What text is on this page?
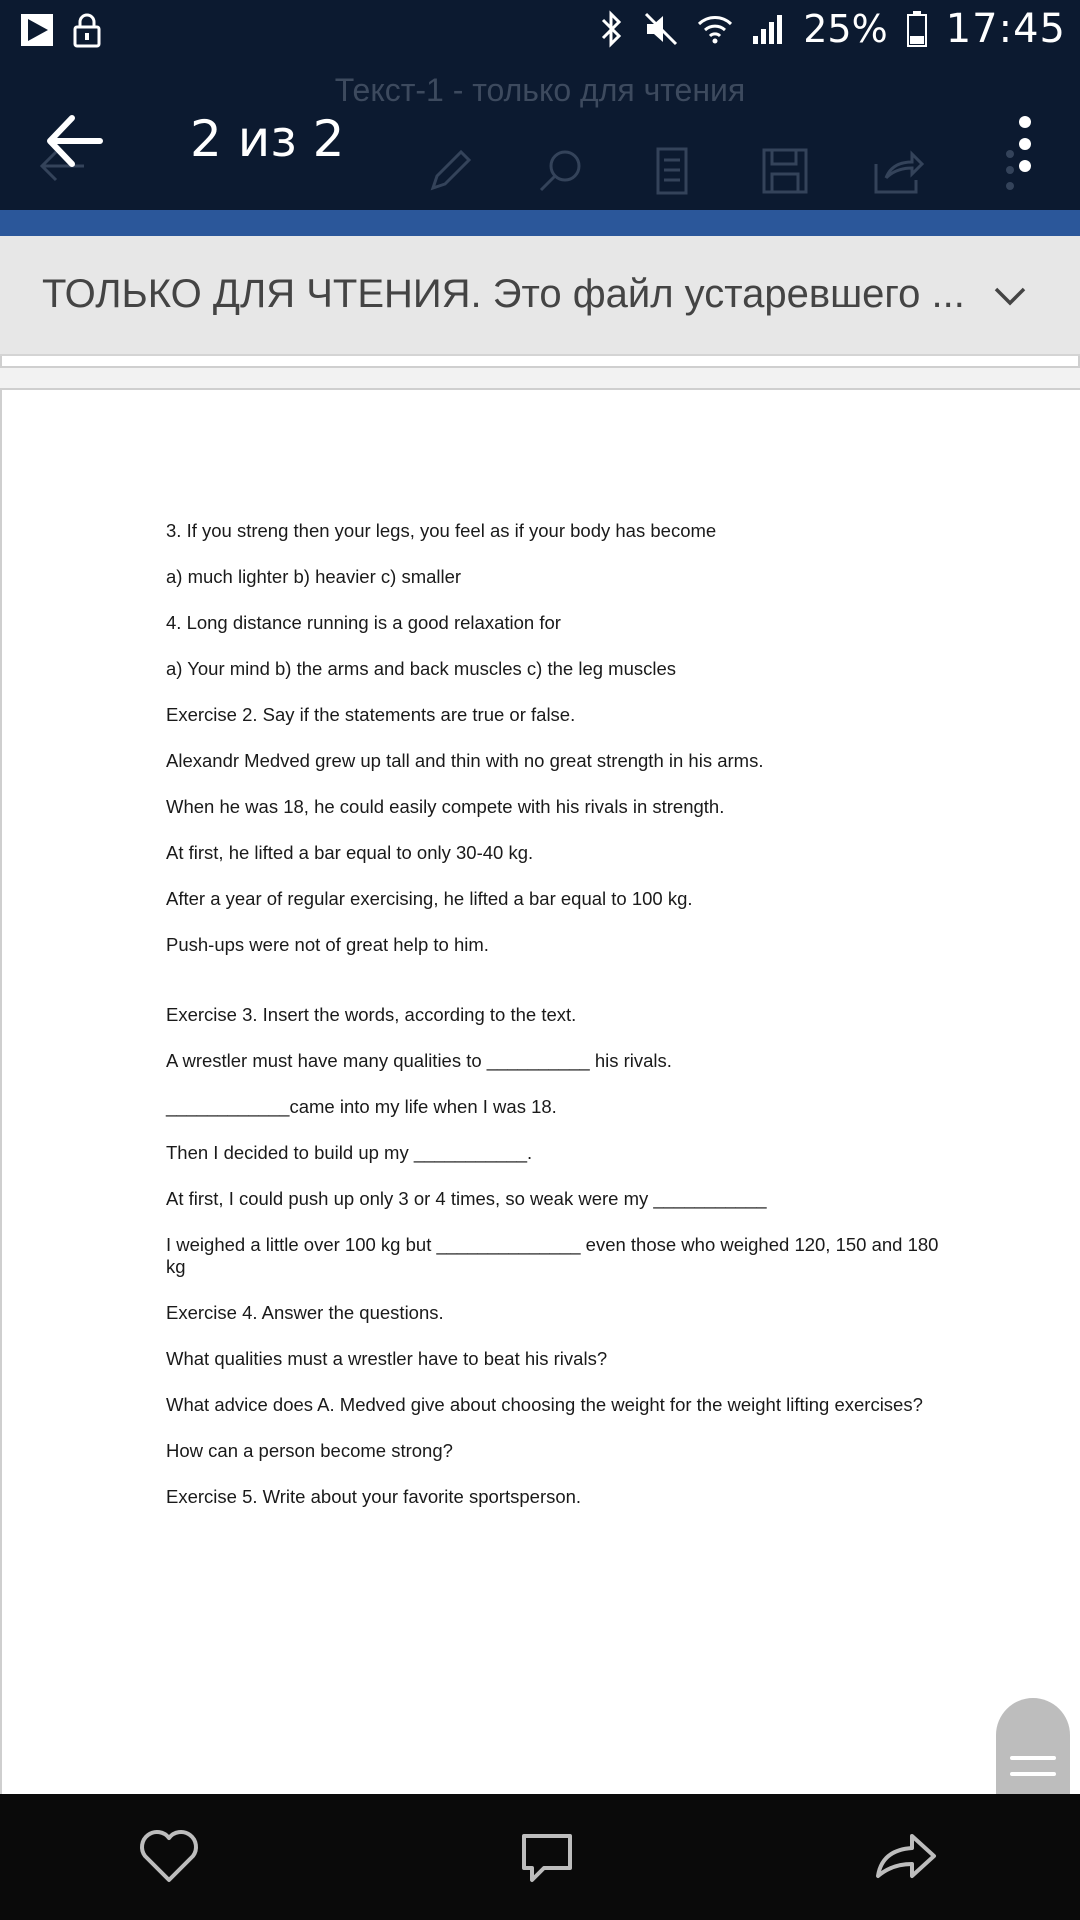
25% 17:45
Текст-1 - только для чтения
2 из 2
ТОЛЬКО ДЛЯ ЧТЕНИЯ. Это файл устаревшего ...

3. If you streng then your legs, you feel as if your body has become

a) much lighter b) heavier c) smaller

4. Long distance running is a good relaxation for

a) Your mind b) the arms and back muscles c) the leg muscles

Exercise 2. Say if the statements are true or false.

Alexandr Medved grew up tall and thin with no great strength in his arms.

When he was 18, he could easily compete with his rivals in strength.

At first, he lifted a bar equal to only 30-40 kg.

After a year of regular exercising, he lifted a bar equal to 100 kg.

Push-ups were not of great help to him.

Exercise 3. Insert the words, according to the text.

A wrestler must have many qualities to __________ his rivals.

____________came into my life when I was 18.

Then I decided to build up my ___________.

At first, I could push up only 3 or 4 times, so weak were my ___________

I weighed a little over 100 kg but ______________ even those who weighed 120, 150 and 180 kg

Exercise 4. Answer the questions.

What qualities must a wrestler have to beat his rivals?

What advice does A. Medved give about choosing the weight for the weight lifting exercises?

How can a person become strong?

Exercise 5. Write about your favorite sportsperson.
